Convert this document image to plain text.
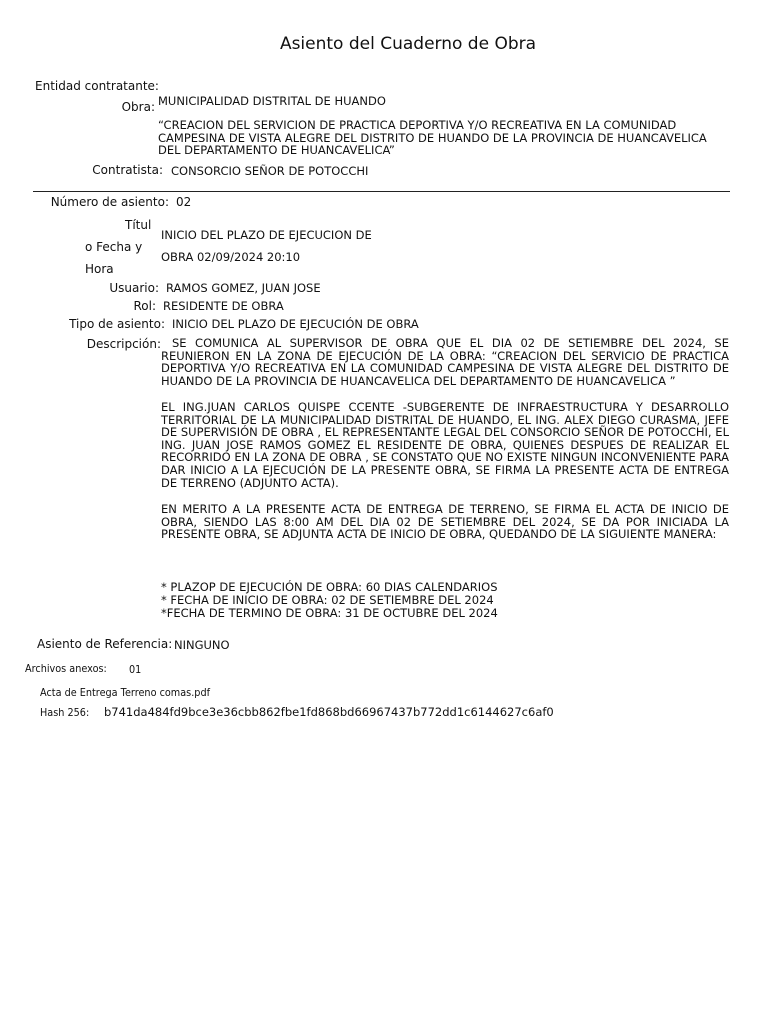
Asiento del Cuaderno de Obra
Entidad contratante:
Obra: MUNICIPALIDAD DISTRITAL DE HUANDO
“CREACION DEL SERVICION DE PRACTICA DEPORTIVA Y/O RECREATIVA EN LA COMUNIDAD CAMPESINA DE VISTA ALEGRE DEL DISTRITO DE HUANDO DE LA PROVINCIA DE HUANCAVELICA DEL DEPARTAMENTO DE HUANCAVELICA”
Contratista: CONSORCIO SEÑOR DE POTOCCHI
Número de asiento: 02
Títul
o Fecha y
Hora
INICIO DEL PLAZO DE EJECUCION DE
OBRA 02/09/2024 20:10
Usuario: RAMOS GOMEZ, JUAN JOSE
Rol: RESIDENTE DE OBRA
Tipo de asiento: INICIO DEL PLAZO DE EJECUCIÓN DE OBRA
Descripción: SE COMUNICA AL SUPERVISOR DE OBRA QUE EL DIA 02 DE SETIEMBRE DEL 2024, SE REUNIERON EN LA ZONA DE EJECUCIÓN DE LA OBRA: “CREACION DEL SERVICIO DE PRACTICA DEPORTIVA Y/O RECREATIVA EN LA COMUNIDAD CAMPESINA DE VISTA ALEGRE DEL DISTRITO DE HUANDO DE LA PROVINCIA DE HUANCAVELICA DEL DEPARTAMENTO DE HUANCAVELICA ”
EL ING.JUAN CARLOS QUISPE CCENTE -SUBGERENTE DE INFRAESTRUCTURA Y DESARROLLO TERRITORIAL DE LA MUNICIPALIDAD DISTRITAL DE HUANDO, EL ING. ALEX DIEGO CURASMA, JEFE DE SUPERVISIÓN DE OBRA , EL REPRESENTANTE LEGAL DEL CONSORCIO SEÑOR DE POTOCCHI, EL ING. JUAN JOSE RAMOS GOMEZ EL RESIDENTE DE OBRA, QUIENES DESPUES DE REALIZAR EL RECORRIDO EN LA ZONA DE OBRA , SE CONSTATO QUE NO EXISTE NINGUN INCONVENIENTE PARA DAR INICIO A LA EJECUCIÓN DE LA PRESENTE OBRA, SE FIRMA LA PRESENTE ACTA DE ENTREGA DE TERRENO (ADJUNTO ACTA).
EN MERITO A LA PRESENTE ACTA DE ENTREGA DE TERRENO, SE FIRMA EL ACTA DE INICIO DE OBRA, SIENDO LAS 8:00 AM DEL DIA 02 DE SETIEMBRE DEL 2024, SE DA POR INICIADA LA PRESENTE OBRA, SE ADJUNTA ACTA DE INICIO DE OBRA, QUEDANDO DE LA SIGUIENTE MANERA:
* PLAZOP DE EJECUCIÓN DE OBRA: 60 DIAS CALENDARIOS
* FECHA DE INICIO DE OBRA: 02 DE SETIEMBRE DEL 2024
*FECHA DE TERMINO DE OBRA: 31 DE OCTUBRE DEL 2024
Asiento de Referencia: NINGUNO
Archivos anexos: 01
Acta de Entrega Terreno comas.pdf
Hash 256: b741da484fd9bce3e36cbb862fbe1fd868bd66967437b772dd1c6144627c6af0
